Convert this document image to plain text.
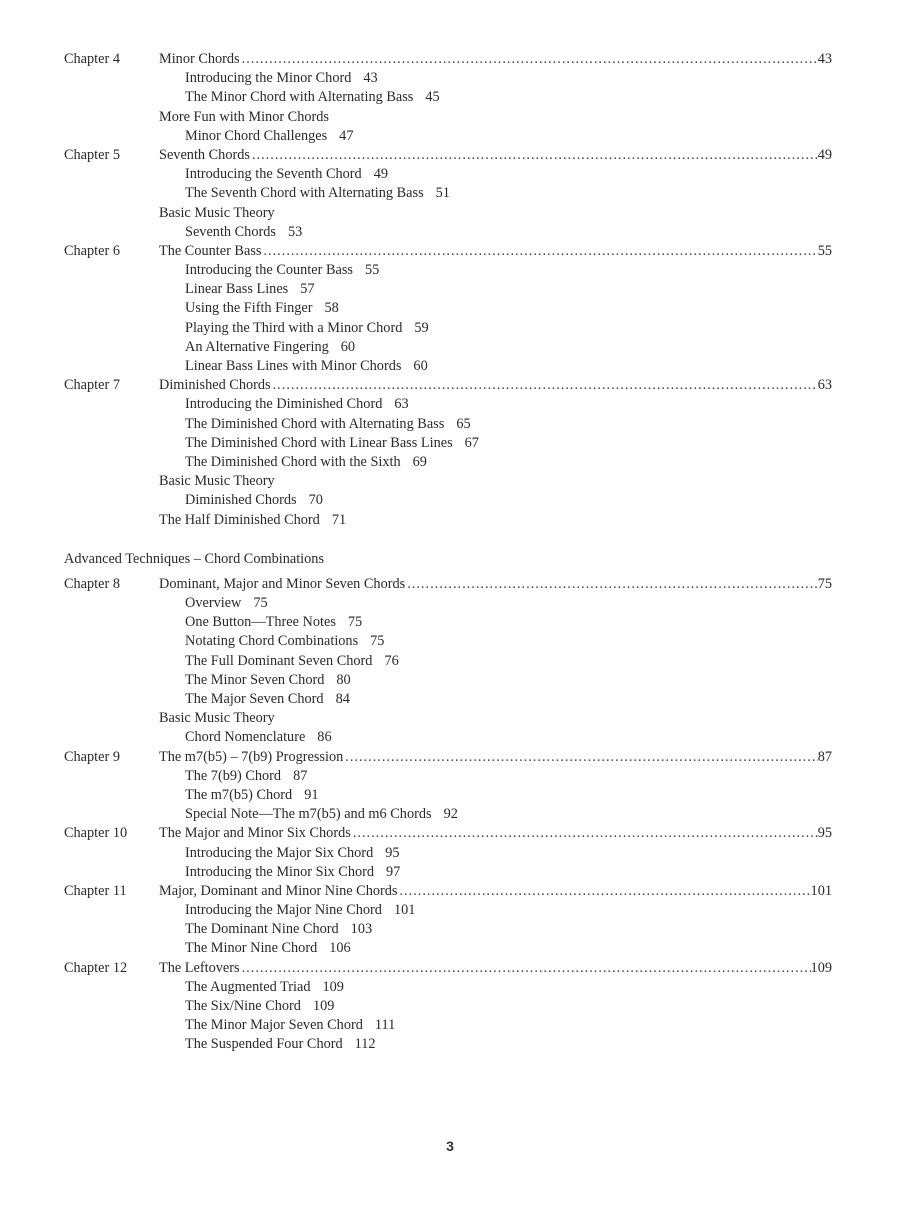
Chapter 4	Minor Chords .....	43
Introducing the Minor Chord 43
The Minor Chord with Alternating Bass 45
More Fun with Minor Chords
Minor Chord Challenges 47
Chapter 5	Seventh Chords .....	49
Introducing the Seventh Chord 49
The Seventh Chord with Alternating Bass 51
Basic Music Theory
Seventh Chords 53
Chapter 6	The Counter Bass .....	55
Introducing the Counter Bass 55
Linear Bass Lines 57
Using the Fifth Finger 58
Playing the Third with a Minor Chord 59
An Alternative Fingering 60
Linear Bass Lines with Minor Chords 60
Chapter 7	Diminished Chords .....	63
Introducing the Diminished Chord 63
The Diminished Chord with Alternating Bass 65
The Diminished Chord with Linear Bass Lines 67
The Diminished Chord with the Sixth 69
Basic Music Theory
Diminished Chords 70
The Half Diminished Chord 71
Advanced Techniques – Chord Combinations
Chapter 8	Dominant, Major and Minor Seven Chords .....	75
Overview 75
One Button—Three Notes 75
Notating Chord Combinations 75
The Full Dominant Seven Chord 76
The Minor Seven Chord 80
The Major Seven Chord 84
Basic Music Theory
Chord Nomenclature 86
Chapter 9	The m7(b5) – 7(b9) Progression .....	87
The 7(b9) Chord 87
The m7(b5) Chord 91
Special Note—The m7(b5) and m6 Chords 92
Chapter 10 The Major and Minor Six Chords .....	95
Introducing the Major Six Chord 95
Introducing the Minor Six Chord 97
Chapter 11 Major, Dominant and Minor Nine Chords .....	101
Introducing the Major Nine Chord 101
The Dominant Nine Chord 103
The Minor Nine Chord 106
Chapter 12 The Leftovers .....	109
The Augmented Triad 109
The Six/Nine Chord 109
The Minor Major Seven Chord 111
The Suspended Four Chord 112
3
